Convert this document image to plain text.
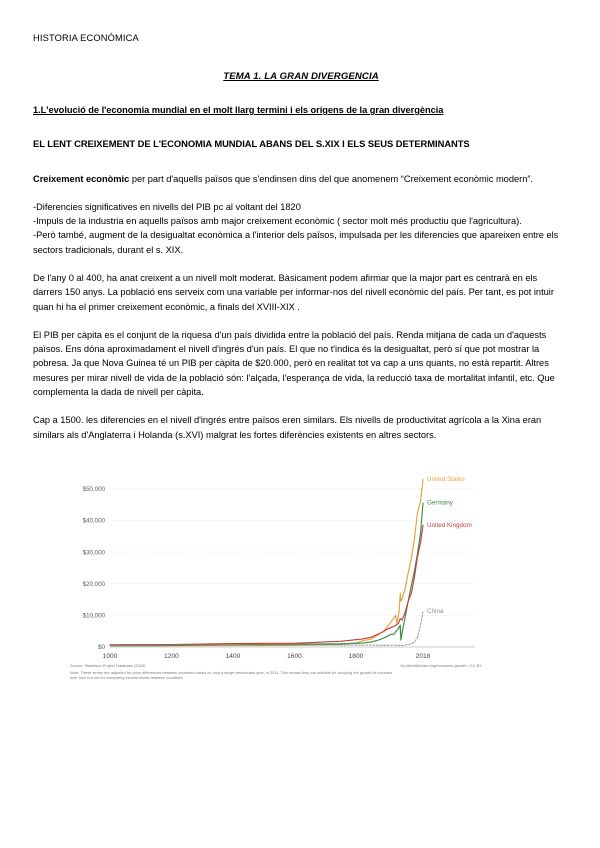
HISTORIA ECONÓMICA
TEMA 1. LA GRAN DIVERGENCIA
1.L'evolució de l'economia mundial en el molt llarg termini i els orígens de la gran divergència
EL LENT CREIXEMENT DE L'ECONOMIA MUNDIAL ABANS DEL S.XIX I ELS SEUS DETERMINANTS

Creixement econòmic per part d'aquells països que s'endinsen dins del que anomenem “Creixement econòmic modern”.

-Diferencies significatives en nivells del PIB pc al voltant del 1820

-Impuls de la industria en aquells països amb major creixement econòmic ( sector molt més productiu que l'agricultura).

-Però també, augment de la desigualtat econòmica a l'interior dels països, impulsada per les diferencies que apareixen entre els sectors tradicionals, durant el s. XIX.

De l'any 0 al 400, ha anat creixent a un nivell molt moderat. Bàsicament podem afirmar que la major part es centrarà en els darrers 150 anys. La població ens serveix com una variable per informar-nos del nivell econòmic del país. Per tant, es pot intuir quan hi ha el primer creixement econòmic, a finals del XVIII-XIX .

El PIB per càpita es el conjunt de la riquesa d'un país dividida entre la població del país. Renda mitjana de cada un d'aquests països. Ens dóna aproximadament el nivell d'ingrés d'un país. El que no t'indica és la desigualtat, però sí que pot mostrar la pobresa. Ja que Nova Guinea té un PIB per càpita de $20.000, però en realitat tot va cap a uns quants, no està repartit. Altres mesures per mirar nivell de vida de la població són: l'alçada, l'esperança de vida, la reducció taxa de mortalitat infantil, etc. Que complementa la dada de nivell per càpita.

Cap a 1500. les diferencies en el nivell d'ingrés entre països eren similars. Els nivells de productivitat agrícola a la Xina eran similars als d'Anglaterra i Holanda (s.XVI) malgrat les fortes diferències existents en altres sectors.

$0
$10,000
$20,000
$30,000
$40,000
$50,000
1000	1200	1400	1600	1800	2018
United States
Germany
United Kingdom
China
Source: Maddison Project Database (2018)	OurWorldInData.org/economic-growth • CC BY
Note: These series are adjusted for price differences between countries based on only a single benchmark year, in 2011. This means they are suitable for studying the growth of incomes over time but not for comparing income levels between countries.
